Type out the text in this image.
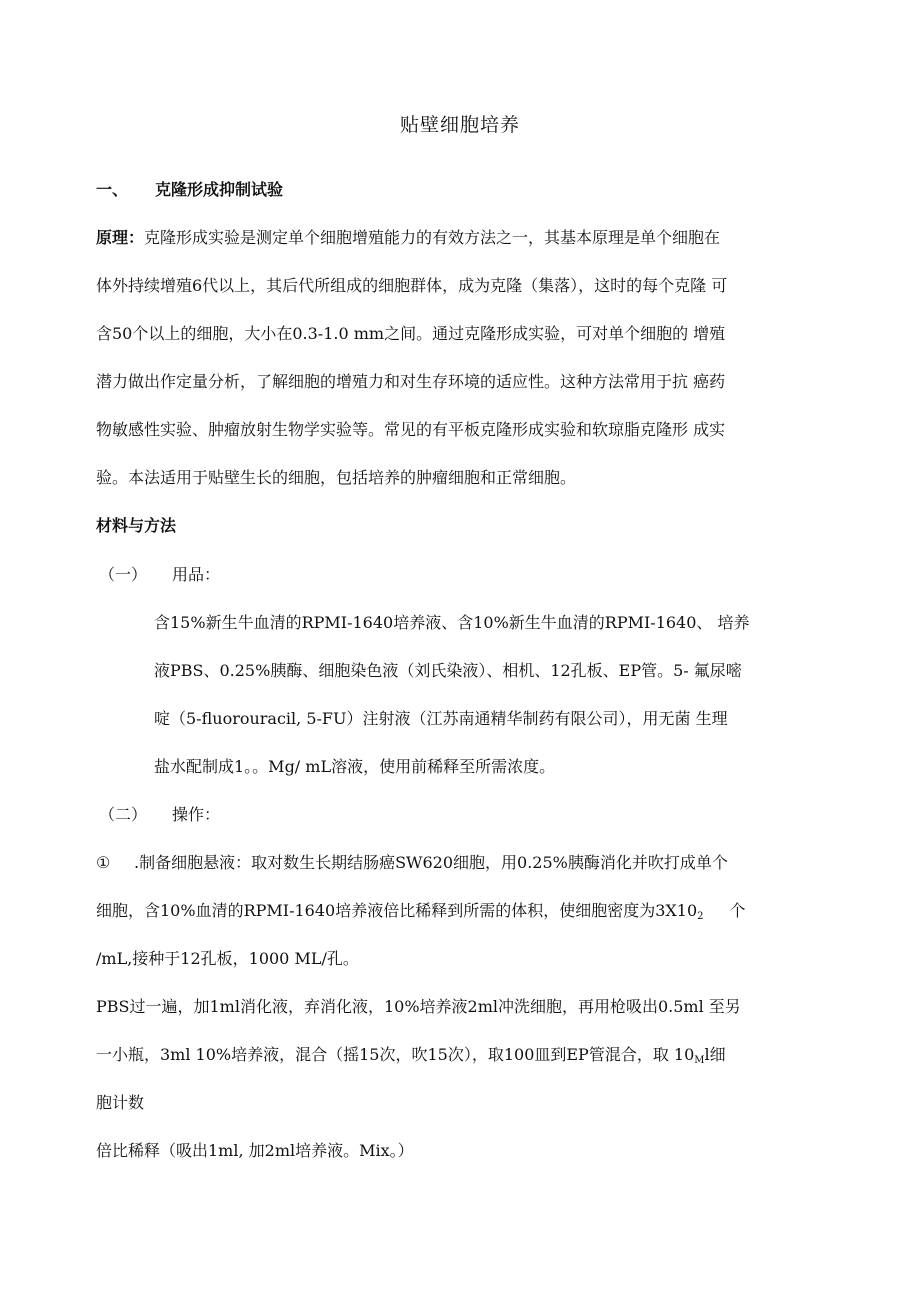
贴壁细胞培养
一、 克隆形成抑制试验
原理：克隆形成实验是测定单个细胞增殖能力的有效方法之一，其基本原理是单个细胞在
体外持续增殖6代以上，其后代所组成的细胞群体，成为克隆（集落），这时的每个克隆 可
含50个以上的细胞，大小在0.3-1.0 mm之间。通过克隆形成实验，可对单个细胞的 增殖
潜力做出作定量分析，了解细胞的增殖力和对生存环境的适应性。这种方法常用于抗 癌药
物敏感性实验、肿瘤放射生物学实验等。常见的有平板克隆形成实验和软琼脂克隆形 成实
验。本法适用于贴壁生长的细胞，包括培养的肿瘤细胞和正常细胞。
材料与方法
（一） 用品：
含15%新生牛血清的RPMI-1640培养液、含10%新生牛血清的RPMI-1640、 培养
液PBS、0.25%胰酶、细胞染色液（刘氏染液）、相机、12孔板、EP管。5- 氟尿嘧
啶（5-fluorouracil, 5-FU）注射液（江苏南通精华制药有限公司），用无菌 生理
盐水配制成1。。Mg/ mL溶液，使用前稀释至所需浓度。
（二） 操作：
① .制备细胞悬液：取对数生长期结肠癌SW620细胞，用0.25%胰酶消化并吹打成单个
细胞，含10%血清的RPMI-1640培养液倍比稀释到所需的体积，使细胞密度为$3X10_2$ 个
/mL,接种于12孔板，1000 ML/孔。
PBS过一遍，加1ml消化液，弃消化液，10%培养液2ml冲洗细胞，再用枪吸出0.5ml 至另
一小瓶，3ml 10%培养液，混合（摇15次，吹15次），取100皿到EP管混合，取 $10_Ml$细
胞计数
倍比稀释（吸出1ml, 加2ml培养液。Mix。）
